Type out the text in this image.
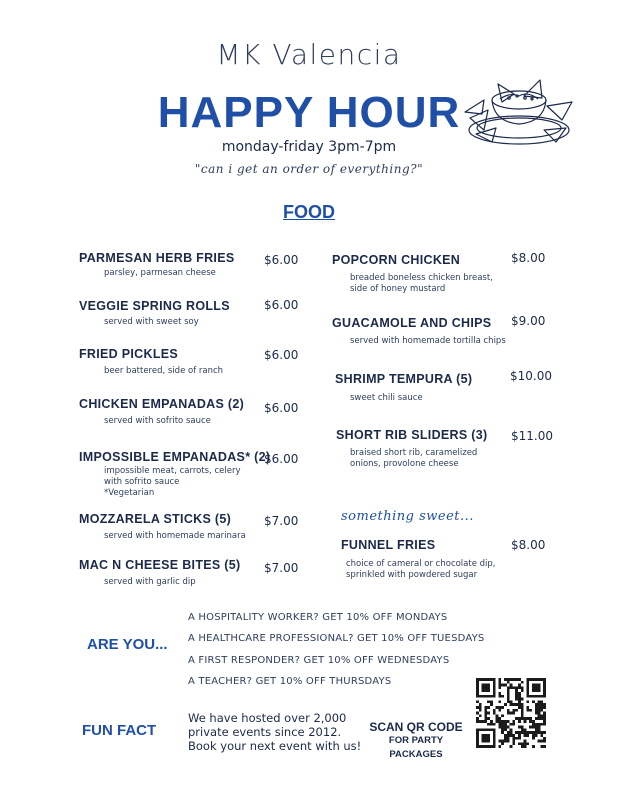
MK Valencia
HAPPY HOUR
monday-friday 3pm-7pm
"can i get an order of everything?"
FOOD
PARMESAN HERB FRIES $6.00
parsley, parmesan cheese
VEGGIE SPRING ROLLS	$6.00
served with sweet soy
FRIED PICKLES	$6.00
beer battered, side of ranch
CHICKEN EMPANADAS (2) $6.00
served with sofrito sauce
IMPOSSIBLE EMPANADAS* (2)
$6.00
impossible meat, carrots, celery
with sofrito sauce
*Vegetarian
MOZZARELA STICKS (5)	$7.00
served with homemade marinara
MAC N CHEESE BITES (5) $7.00
served with garlic dip
POPCORN CHICKEN	$8.00
breaded boneless chicken breast,
side of honey mustard
GUACAMOLE AND CHIPS $9.00
served with homemade tortilla chips
SHRIMP TEMPURA (5)	$10.00
sweet chili sauce
SHORT RIB SLIDERS (3) $11.00
braised short rib, caramelized
onions, provolone cheese
something sweet...
FUNNEL FRIES	$8.00
choice of cameral or chocolate dip,
sprinkled with powdered sugar
ARE YOU...
A HOSPITALITY WORKER? GET 10% OFF MONDAYS
A HEALTHCARE PROFESSIONAL? GET 10% OFF TUESDAYS
A FIRST RESPONDER? GET 10% OFF WEDNESDAYS
A TEACHER? GET 10% OFF THURSDAYS
FUN FACT
We have hosted over 2,000
private events since 2012.
Book your next event with us!
SCAN QR CODE
FOR PARTY PACKAGES
